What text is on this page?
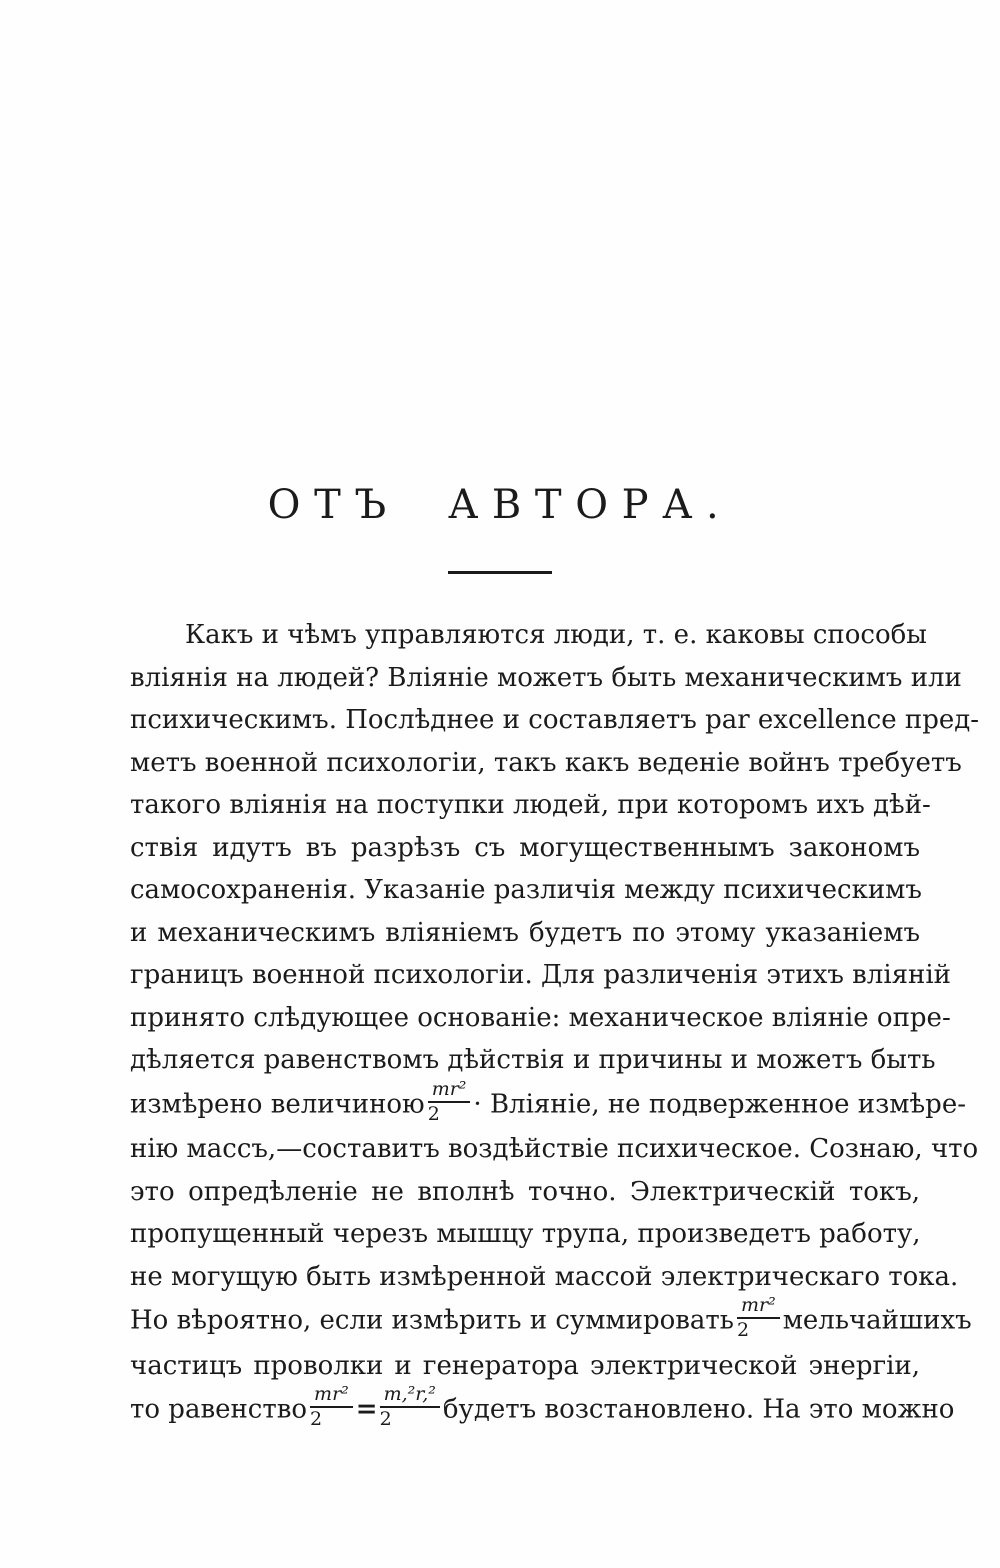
ОТЪ АВТОРА.
Какъ и чѣмъ управляются люди, т. е. каковы способы
вліянія на людей? Вліяніе можетъ быть механическимъ или
психическимъ. Послѣднее и составляетъ par excellence пред-
метъ военной психологіи, такъ какъ веденіе войнъ требуетъ
такого вліянія на поступки людей, при которомъ ихъ дѣй-
ствія идутъ въ разрѣзъ съ могущественнымъ закономъ
самосохраненія. Указаніе различія между психическимъ
и механическимъ вліяніемъ будетъ по этому указаніемъ
границъ военной психологіи. Для различенія этихъ вліяній
принято слѣдующее основаніе: механическое вліяніе опре-
дѣляется равенствомъ дѣйствія и причины и можетъ быть
измѣрено величиною $\frac{\text{mr²}}{2}$ · Вліяніе, не подверженное измѣре-
нію массъ,—составитъ воздѣйствіе психическое. Сознаю, что
это опредѣленіе не вполнѣ точно. Электрическій токъ,
пропущенный черезъ мышцу трупа, произведетъ работу,
не могущую быть измѣренной массой электрическаго тока.
Но вѣроятно, если измѣрить и суммировать $\frac{\text{mr²}}{2}$ мельчайшихъ
частицъ проволки и генератора электрической энергіи,
то равенство $\frac{\text{mr²}}{2} = \frac{\text{m,²r,²}}{2}$ будетъ возстановлено. На это можно
